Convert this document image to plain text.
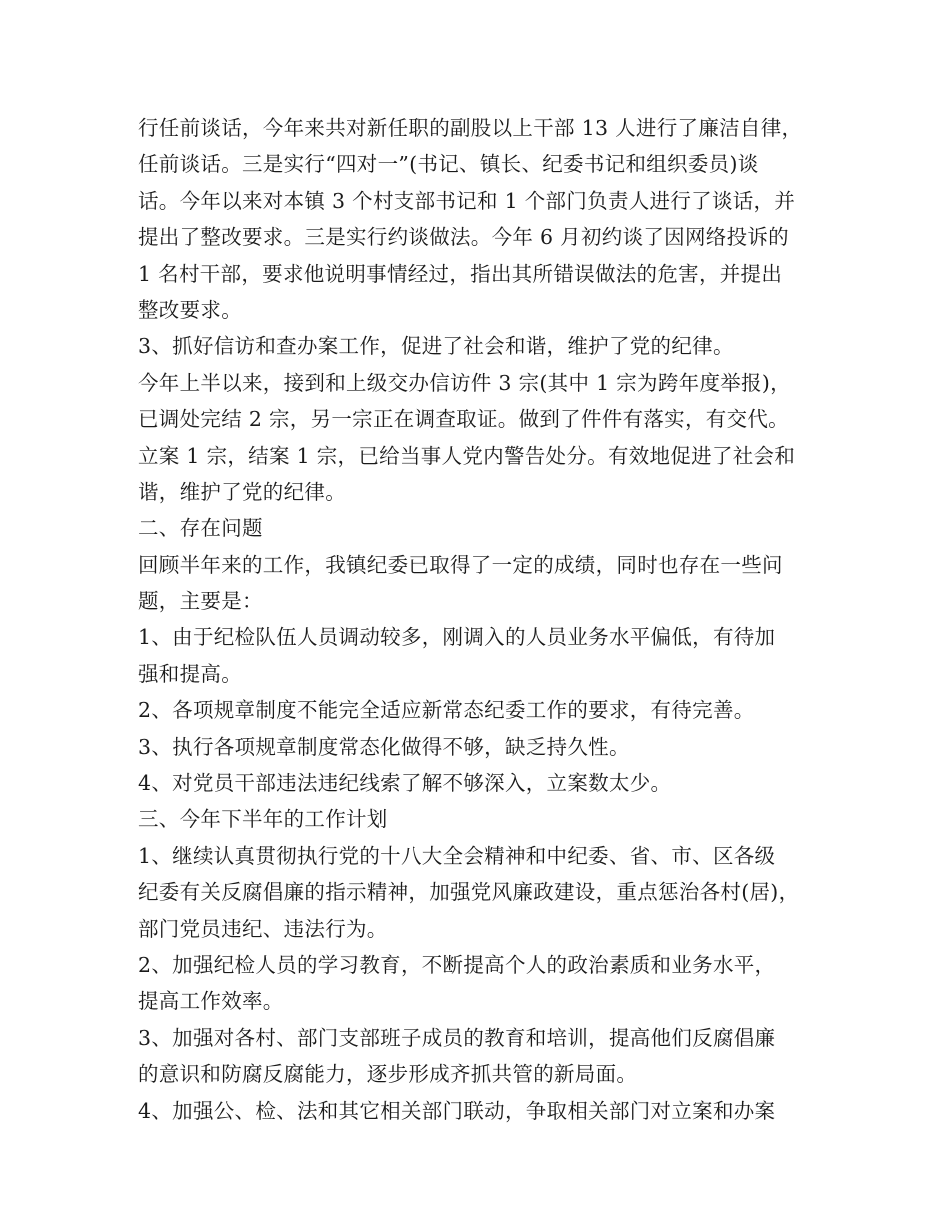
行任前谈话，今年来共对新任职的副股以上干部 13 人进行了廉洁自律，
任前谈话。三是实行“四对一”(书记、镇长、纪委书记和组织委员)谈
话。今年以来对本镇 3 个村支部书记和 1 个部门负责人进行了谈话，并
提出了整改要求。三是实行约谈做法。今年 6 月初约谈了因网络投诉的
1 名村干部，要求他说明事情经过，指出其所错误做法的危害，并提出
整改要求。
3、抓好信访和查办案工作，促进了社会和谐，维护了党的纪律。
今年上半以来，接到和上级交办信访件 3 宗(其中 1 宗为跨年度举报)，
已调处完结 2 宗，另一宗正在调查取证。做到了件件有落实，有交代。
立案 1 宗，结案 1 宗，已给当事人党内警告处分。有效地促进了社会和
谐，维护了党的纪律。
二、存在问题
回顾半年来的工作，我镇纪委已取得了一定的成绩，同时也存在一些问
题，主要是：
1、由于纪检队伍人员调动较多，刚调入的人员业务水平偏低，有待加
强和提高。
2、各项规章制度不能完全适应新常态纪委工作的要求，有待完善。
3、执行各项规章制度常态化做得不够，缺乏持久性。
4、对党员干部违法违纪线索了解不够深入，立案数太少。
三、今年下半年的工作计划
1、继续认真贯彻执行党的十八大全会精神和中纪委、省、市、区各级
纪委有关反腐倡廉的指示精神，加强党风廉政建设，重点惩治各村(居)，
部门党员违纪、违法行为。
2、加强纪检人员的学习教育，不断提高个人的政治素质和业务水平，
提高工作效率。
3、加强对各村、部门支部班子成员的教育和培训，提高他们反腐倡廉
的意识和防腐反腐能力，逐步形成齐抓共管的新局面。
4、加强公、检、法和其它相关部门联动，争取相关部门对立案和办案
